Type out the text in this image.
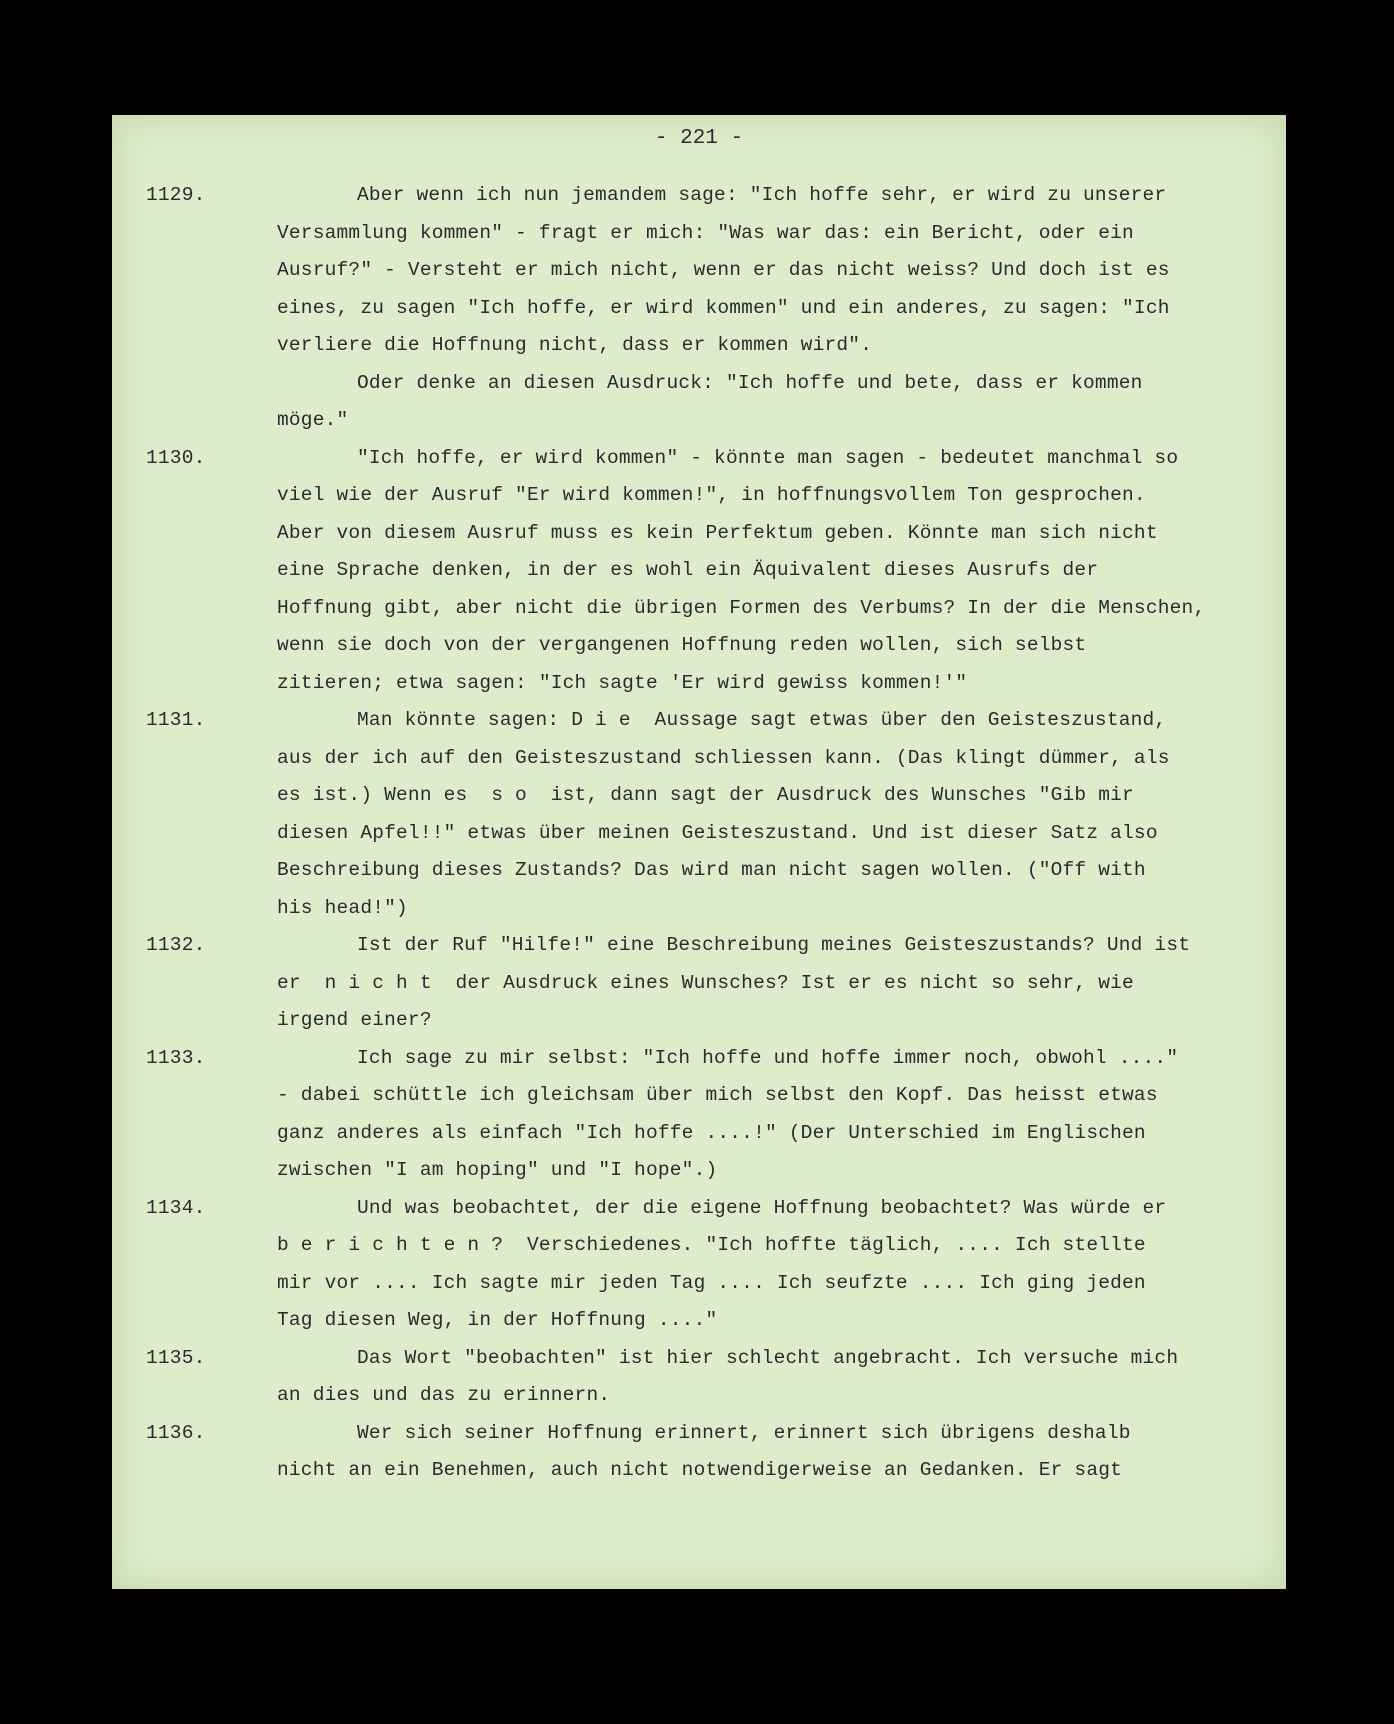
- 221 -
1129.	Aber wenn ich nun jemandem sage: "Ich hoffe sehr, er wird zu unserer
Versammlung kommen" - fragt er mich: "Was war das: ein Bericht, oder ein
Ausruf?" - Versteht er mich nicht, wenn er das nicht weiss? Und doch ist es
eines, zu sagen "Ich hoffe, er wird kommen" und ein anderes, zu sagen: "Ich
verliere die Hoffnung nicht, dass er kommen wird".
Oder denke an diesen Ausdruck: "Ich hoffe und bete, dass er kommen
möge."
1130.	"Ich hoffe, er wird kommen" - könnte man sagen - bedeutet manchmal so
viel wie der Ausruf "Er wird kommen!", in hoffnungsvollem Ton gesprochen.
Aber von diesem Ausruf muss es kein Perfektum geben. Könnte man sich nicht
eine Sprache denken, in der es wohl ein Äquivalent dieses Ausrufs der
Hoffnung gibt, aber nicht die übrigen Formen des Verbums? In der die Menschen,
wenn sie doch von der vergangenen Hoffnung reden wollen, sich selbst
zitieren; etwa sagen: "Ich sagte 'Er wird gewiss kommen!'"
1131.	Man könnte sagen: D i e  Aussage sagt etwas über den Geisteszustand,
aus der ich auf den Geisteszustand schliessen kann. (Das klingt dümmer, als
es ist.) Wenn es  s o  ist, dann sagt der Ausdruck des Wunsches "Gib mir
diesen Apfel!!" etwas über meinen Geisteszustand. Und ist dieser Satz also
Beschreibung dieses Zustands? Das wird man nicht sagen wollen. ("Off with
his head!")
1132.	Ist der Ruf "Hilfe!" eine Beschreibung meines Geisteszustands? Und ist
er  n i c h t  der Ausdruck eines Wunsches? Ist er es nicht so sehr, wie
irgend einer?
1133.	Ich sage zu mir selbst: "Ich hoffe und hoffe immer noch, obwohl ...."
- dabei schüttle ich gleichsam über mich selbst den Kopf. Das heisst etwas
ganz anderes als einfach "Ich hoffe ....!" (Der Unterschied im Englischen
zwischen "I am hoping" und "I hope".)
1134.	Und was beobachtet, der die eigene Hoffnung beobachtet? Was würde er
b e r i c h t e n ?  Verschiedenes. "Ich hoffte täglich, .... Ich stellte
mir vor .... Ich sagte mir jeden Tag .... Ich seufzte .... Ich ging jeden
Tag diesen Weg, in der Hoffnung ...."
1135.	Das Wort "beobachten" ist hier schlecht angebracht. Ich versuche mich
an dies und das zu erinnern.
1136.	Wer sich seiner Hoffnung erinnert, erinnert sich übrigens deshalb
nicht an ein Benehmen, auch nicht notwendigerweise an Gedanken. Er sagt
